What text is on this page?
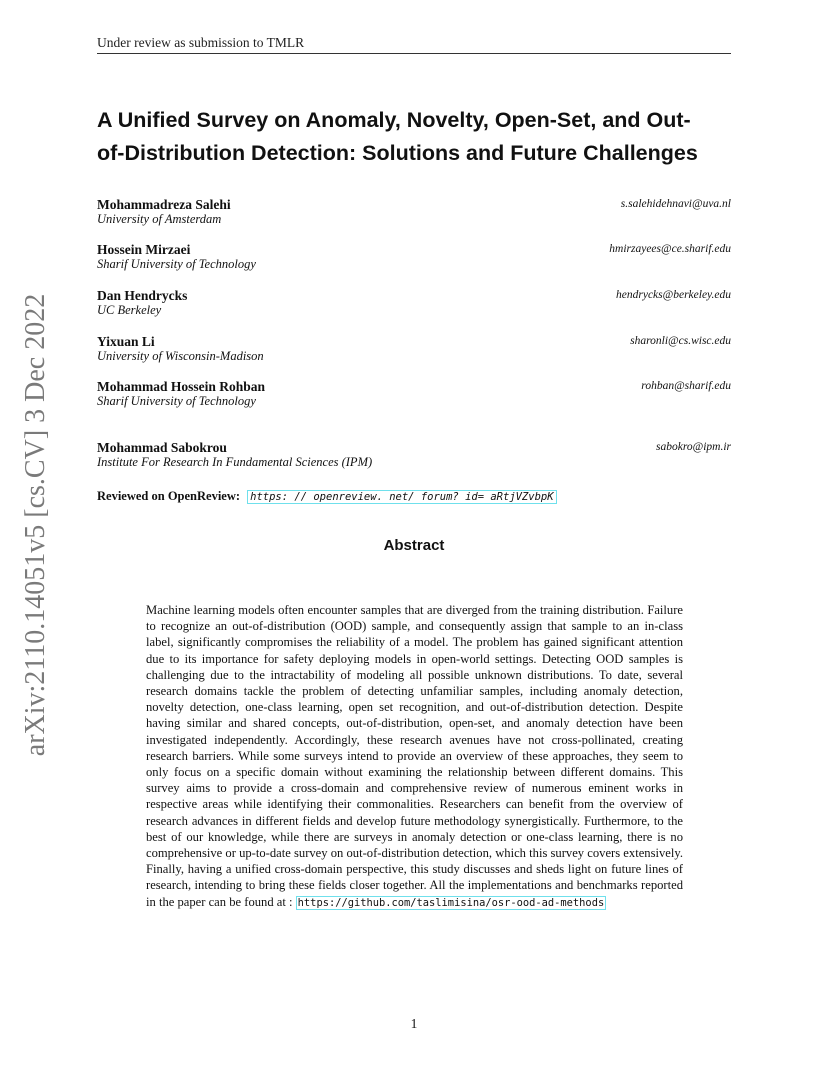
Under review as submission to TMLR
A Unified Survey on Anomaly, Novelty, Open-Set, and Out-
of-Distribution Detection: Solutions and Future Challenges
Mohammadreza Salehi
University of Amsterdam
s.salehidehnavi@uva.nl
Hossein Mirzaei
Sharif University of Technology
hmirzayees@ce.sharif.edu
Dan Hendrycks
UC Berkeley
hendrycks@berkeley.edu
Yixuan Li
University of Wisconsin-Madison
sharonli@cs.wisc.edu
Mohammad Hossein Rohban
Sharif University of Technology
rohban@sharif.edu
Mohammad Sabokrou
Institute For Research In Fundamental Sciences (IPM)
sabokro@ipm.ir
Reviewed on OpenReview: https: // openreview. net/ forum? id= aRtjVZvbpK
Abstract

Machine learning models often encounter samples that are diverged from the training distribution. Failure to recognize an out-of-distribution (OOD) sample, and consequently assign that sample to an in-class label, significantly compromises the reliability of a model. The problem has gained significant attention due to its importance for safety deploying models in open-world settings. Detecting OOD samples is challenging due to the intractability of modeling all possible unknown distributions. To date, several research domains tackle the problem of detecting unfamiliar samples, including anomaly detection, novelty detection, one-class learning, open set recognition, and out-of-distribution detection. Despite having similar and shared concepts, out-of-distribution, open-set, and anomaly detection have been investigated independently. Accordingly, these research avenues have not cross-pollinated, creating research barriers. While some surveys intend to provide an overview of these approaches, they seem to only focus on a specific domain without examining the relationship between different domains. This survey aims to provide a cross-domain and comprehensive review of numerous eminent works in respective areas while identifying their commonalities. Researchers can benefit from the overview of research advances in different fields and develop future methodology synergistically. Furthermore, to the best of our knowledge, while there are surveys in anomaly detection or one-class learning, there is no comprehensive or up-to-date survey on out-of-distribution detection, which this survey covers extensively. Finally, having a unified cross-domain perspective, this study discusses and sheds light on future lines of research, intending to bring these fields closer together. All the implementations and benchmarks reported in the paper can be found at : https://github.com/taslimisina/osr-ood-ad-methods

arXiv:2110.14051v5 [cs.CV] 3 Dec 2022
1
